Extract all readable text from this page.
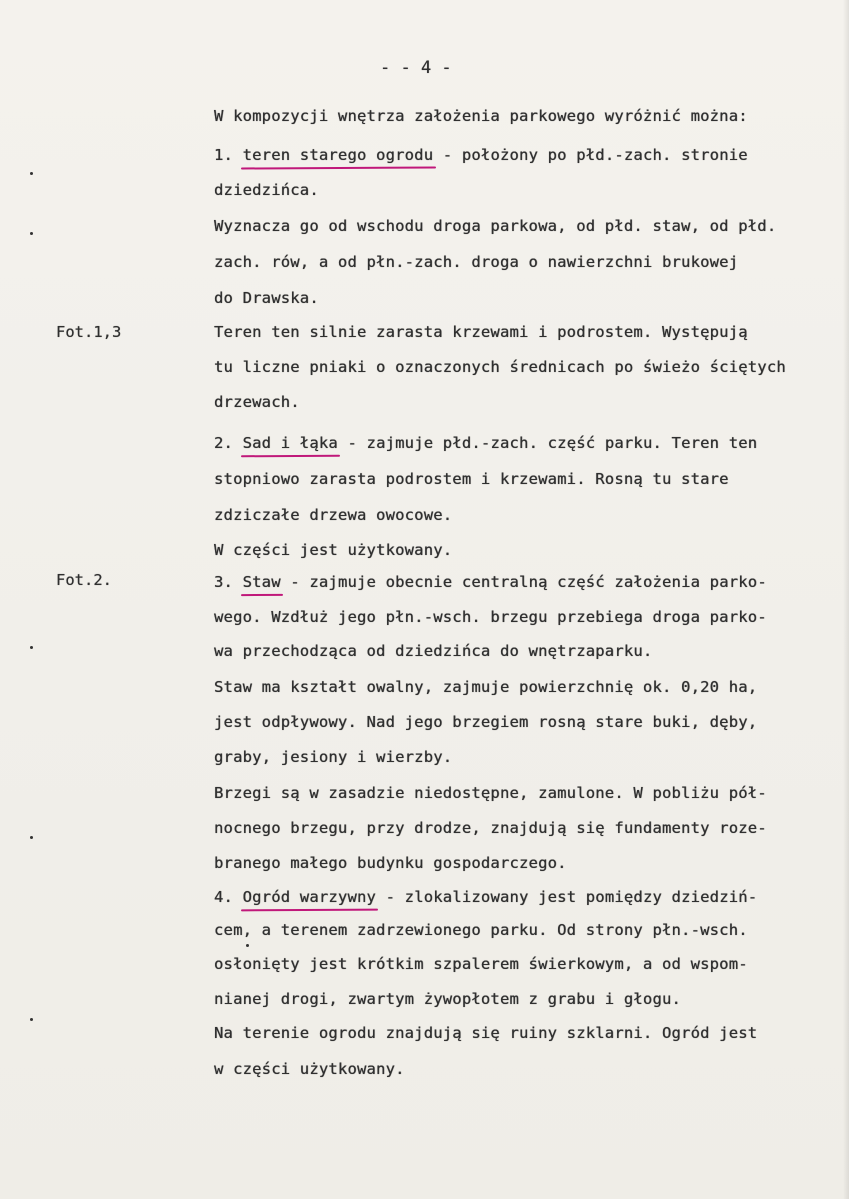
- - 4 -
Fot.1,3
Fot.2.
W kompozycji wnętrza założenia parkowego wyróżnić można:
1. teren starego ogrodu - położony po płd.-zach. stronie
dziedzińca.
Wyznacza go od wschodu droga parkowa, od płd. staw, od płd.
zach. rów, a od płn.-zach. droga o nawierzchni brukowej
do Drawska.
Teren ten silnie zarasta krzewami i podrostem. Występują
tu liczne pniaki o oznaczonych średnicach po świeżo ściętych
drzewach.
2. Sad i łąka - zajmuje płd.-zach. część parku. Teren ten
stopniowo zarasta podrostem i krzewami. Rosną tu stare
zdziczałe drzewa owocowe.
W części jest użytkowany.
3. Staw - zajmuje obecnie centralną część założenia parko-
wego. Wzdłuż jego płn.-wsch. brzegu przebiega droga parko-
wa przechodząca od dziedzińca do wnętrzaparku.
Staw ma kształt owalny, zajmuje powierzchnię ok. 0,20 ha,
jest odpływowy. Nad jego brzegiem rosną stare buki, dęby,
graby, jesiony i wierzby.
Brzegi są w zasadzie niedostępne, zamulone. W pobliżu pół-
nocnego brzegu, przy drodze, znajdują się fundamenty roze-
branego małego budynku gospodarczego.
4. Ogród warzywny - zlokalizowany jest pomiędzy dziedziń-
cem, a terenem zadrzewionego parku. Od strony płn.-wsch.
osłonięty jest krótkim szpalerem świerkowym, a od wspom-
nianej drogi, zwartym żywopłotem z grabu i głogu.
Na terenie ogrodu znajdują się ruiny szklarni. Ogród jest
w części użytkowany.
